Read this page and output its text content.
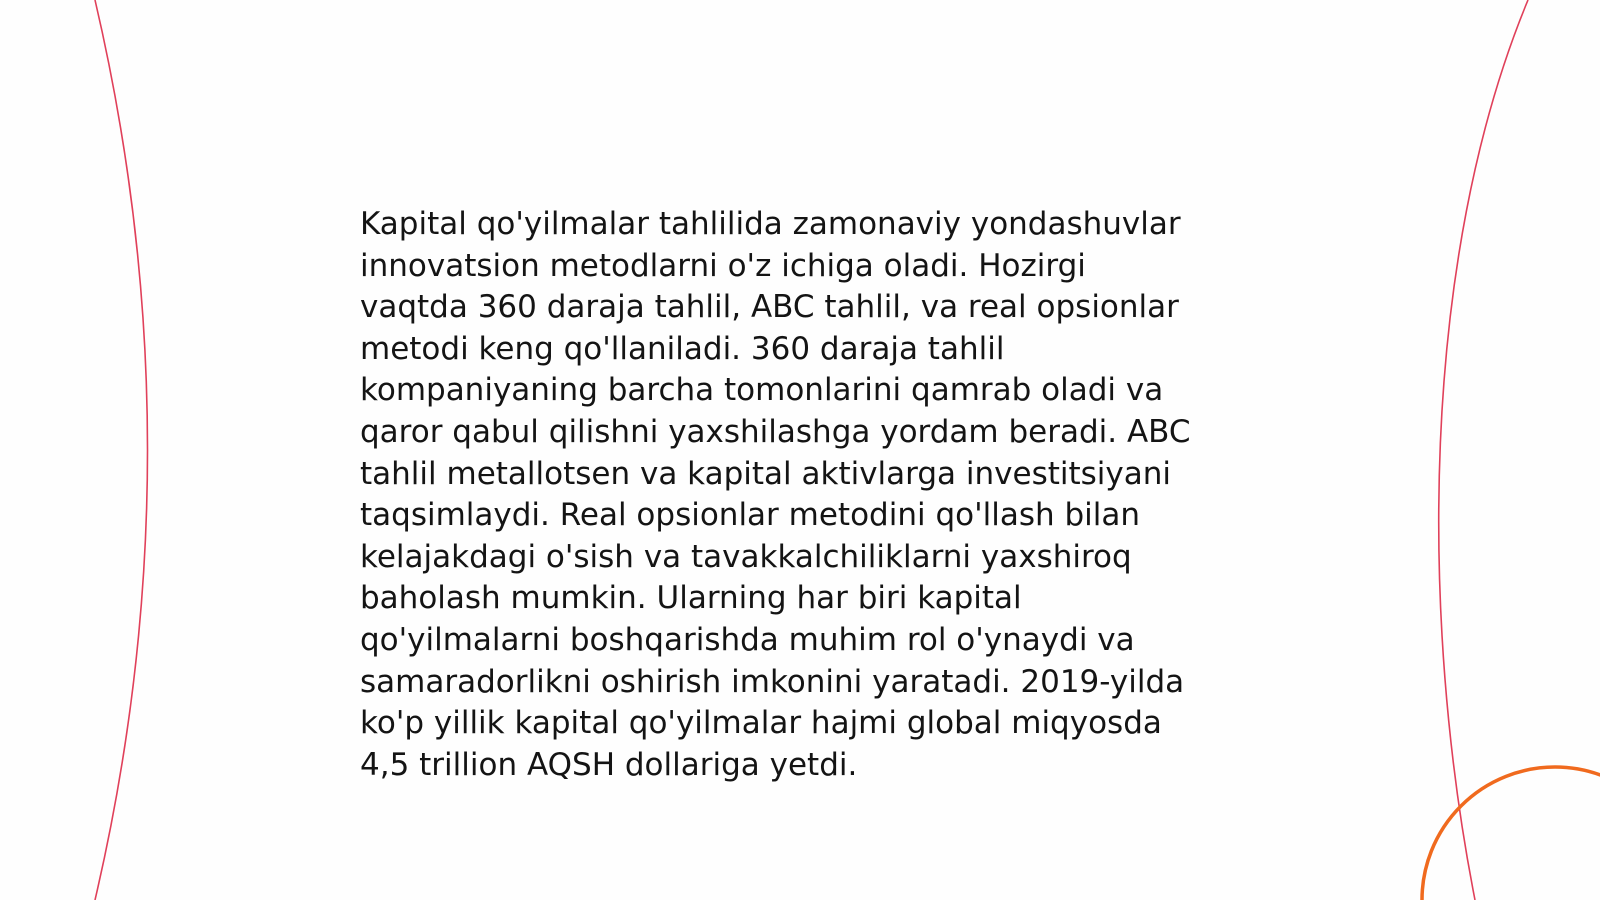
Kapital qo'yilmalar tahlilida zamonaviy yondashuvlar
innovatsion metodlarni o'z ichiga oladi. Hozirgi
vaqtda 360 daraja tahlil, ABC tahlil, va real opsionlar
metodi keng qo'llaniladi. 360 daraja tahlil
kompaniyaning barcha tomonlarini qamrab oladi va
qaror qabul qilishni yaxshilashga yordam beradi. ABC
tahlil metallotsen va kapital aktivlarga investitsiyani
taqsimlaydi. Real opsionlar metodini qo'llash bilan
kelajakdagi o'sish va tavakkalchiliklarni yaxshiroq
baholash mumkin. Ularning har biri kapital
qo'yilmalarni boshqarishda muhim rol o'ynaydi va
samaradorlikni oshirish imkonini yaratadi. 2019-yilda
ko'p yillik kapital qo'yilmalar hajmi global miqyosda
4,5 trillion AQSH dollariga yetdi.
